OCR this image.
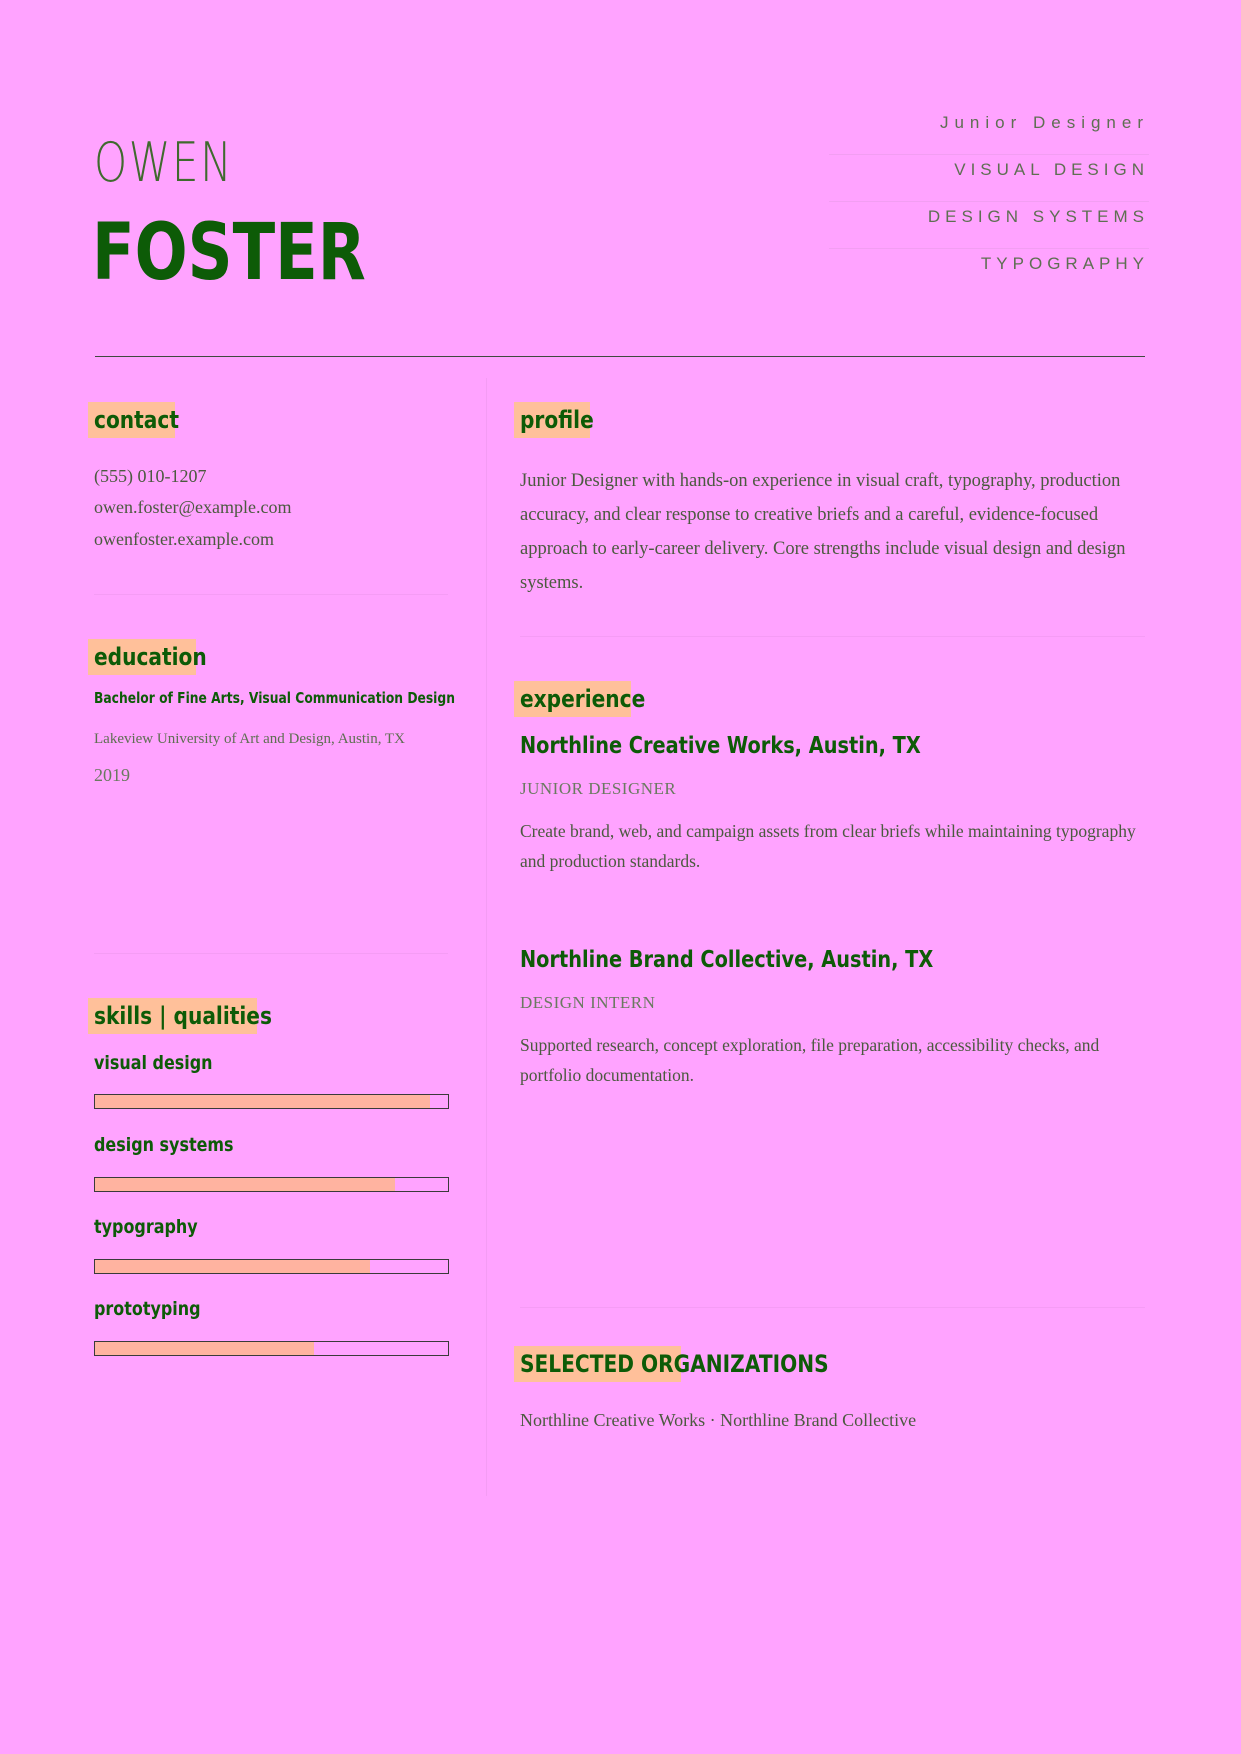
OWEN
FOSTER
Junior Designer
VISUAL DESIGN
DESIGN SYSTEMS
TYPOGRAPHY
contact
(555) 010-1207
owen.foster@example.com
owenfoster.example.com
education
Bachelor of Fine Arts, Visual Communication Design
Lakeview University of Art and Design, Austin, TX
2019
skills | qualities
visual design
design systems
typography
prototyping
profile
Junior Designer with hands-on experience in visual craft, typography, production accuracy, and clear response to creative briefs and a careful, evidence-focused approach to early-career delivery. Core strengths include visual design and design systems.
experience
Northline Creative Works, Austin, TX
JUNIOR DESIGNER
Create brand, web, and campaign assets from clear briefs while maintaining typography and production standards.
Northline Brand Collective, Austin, TX
DESIGN INTERN
Supported research, concept exploration, file preparation, accessibility checks, and portfolio documentation.
SELECTED ORGANIZATIONS
Northline Creative Works · Northline Brand Collective
